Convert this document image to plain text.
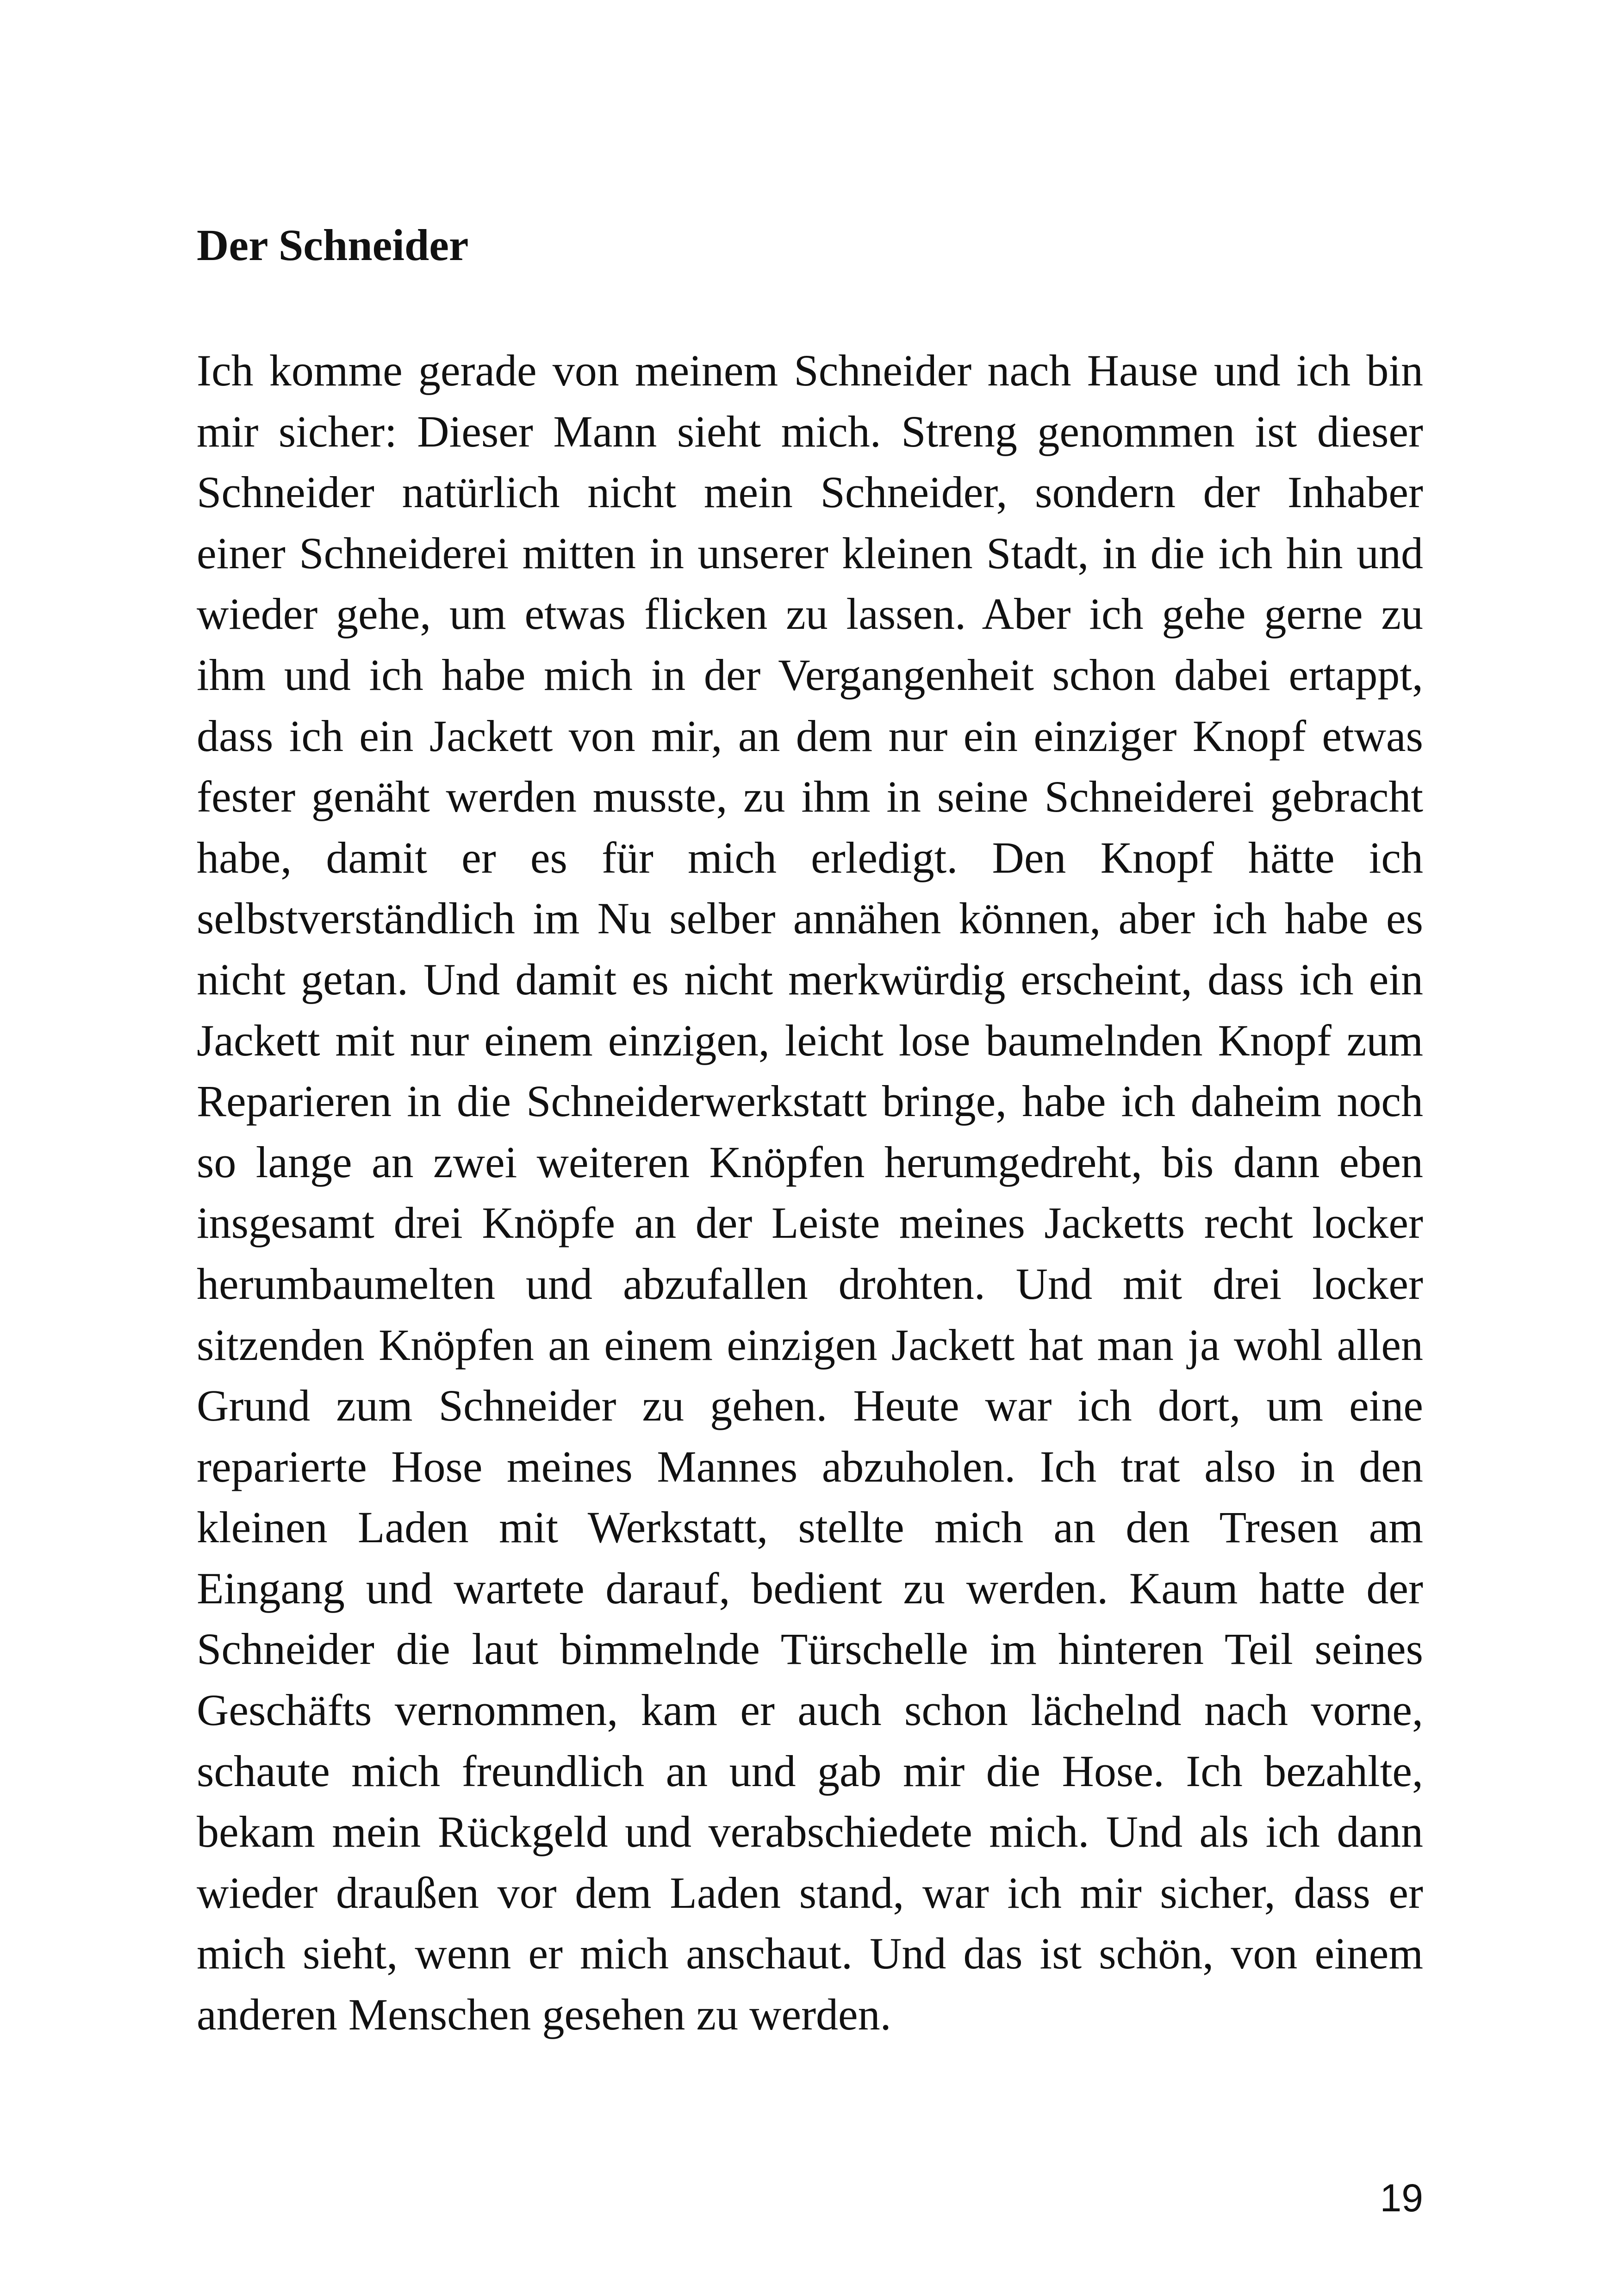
Der Schneider
Ich komme gerade von meinem Schneider nach Hause und ich bin
mir sicher: Dieser Mann sieht mich. Streng genommen ist dieser
Schneider natürlich nicht mein Schneider, sondern der Inhaber
einer Schneiderei mitten in unserer kleinen Stadt, in die ich hin und
wieder gehe, um etwas flicken zu lassen. Aber ich gehe gerne zu
ihm und ich habe mich in der Vergangenheit schon dabei ertappt,
dass ich ein Jackett von mir, an dem nur ein einziger Knopf etwas
fester genäht werden musste, zu ihm in seine Schneiderei gebracht
habe, damit er es für mich erledigt. Den Knopf hätte ich
selbstverständlich im Nu selber annähen können, aber ich habe es
nicht getan. Und damit es nicht merkwürdig erscheint, dass ich ein
Jackett mit nur einem einzigen, leicht lose baumelnden Knopf zum
Reparieren in die Schneiderwerkstatt bringe, habe ich daheim noch
so lange an zwei weiteren Knöpfen herumgedreht, bis dann eben
insgesamt drei Knöpfe an der Leiste meines Jacketts recht locker
herumbaumelten und abzufallen drohten. Und mit drei locker
sitzenden Knöpfen an einem einzigen Jackett hat man ja wohl allen
Grund zum Schneider zu gehen. Heute war ich dort, um eine
reparierte Hose meines Mannes abzuholen. Ich trat also in den
kleinen Laden mit Werkstatt, stellte mich an den Tresen am
Eingang und wartete darauf, bedient zu werden. Kaum hatte der
Schneider die laut bimmelnde Türschelle im hinteren Teil seines
Geschäfts vernommen, kam er auch schon lächelnd nach vorne,
schaute mich freundlich an und gab mir die Hose. Ich bezahlte,
bekam mein Rückgeld und verabschiedete mich. Und als ich dann
wieder draußen vor dem Laden stand, war ich mir sicher, dass er
mich sieht, wenn er mich anschaut. Und das ist schön, von einem
anderen Menschen gesehen zu werden.
19
